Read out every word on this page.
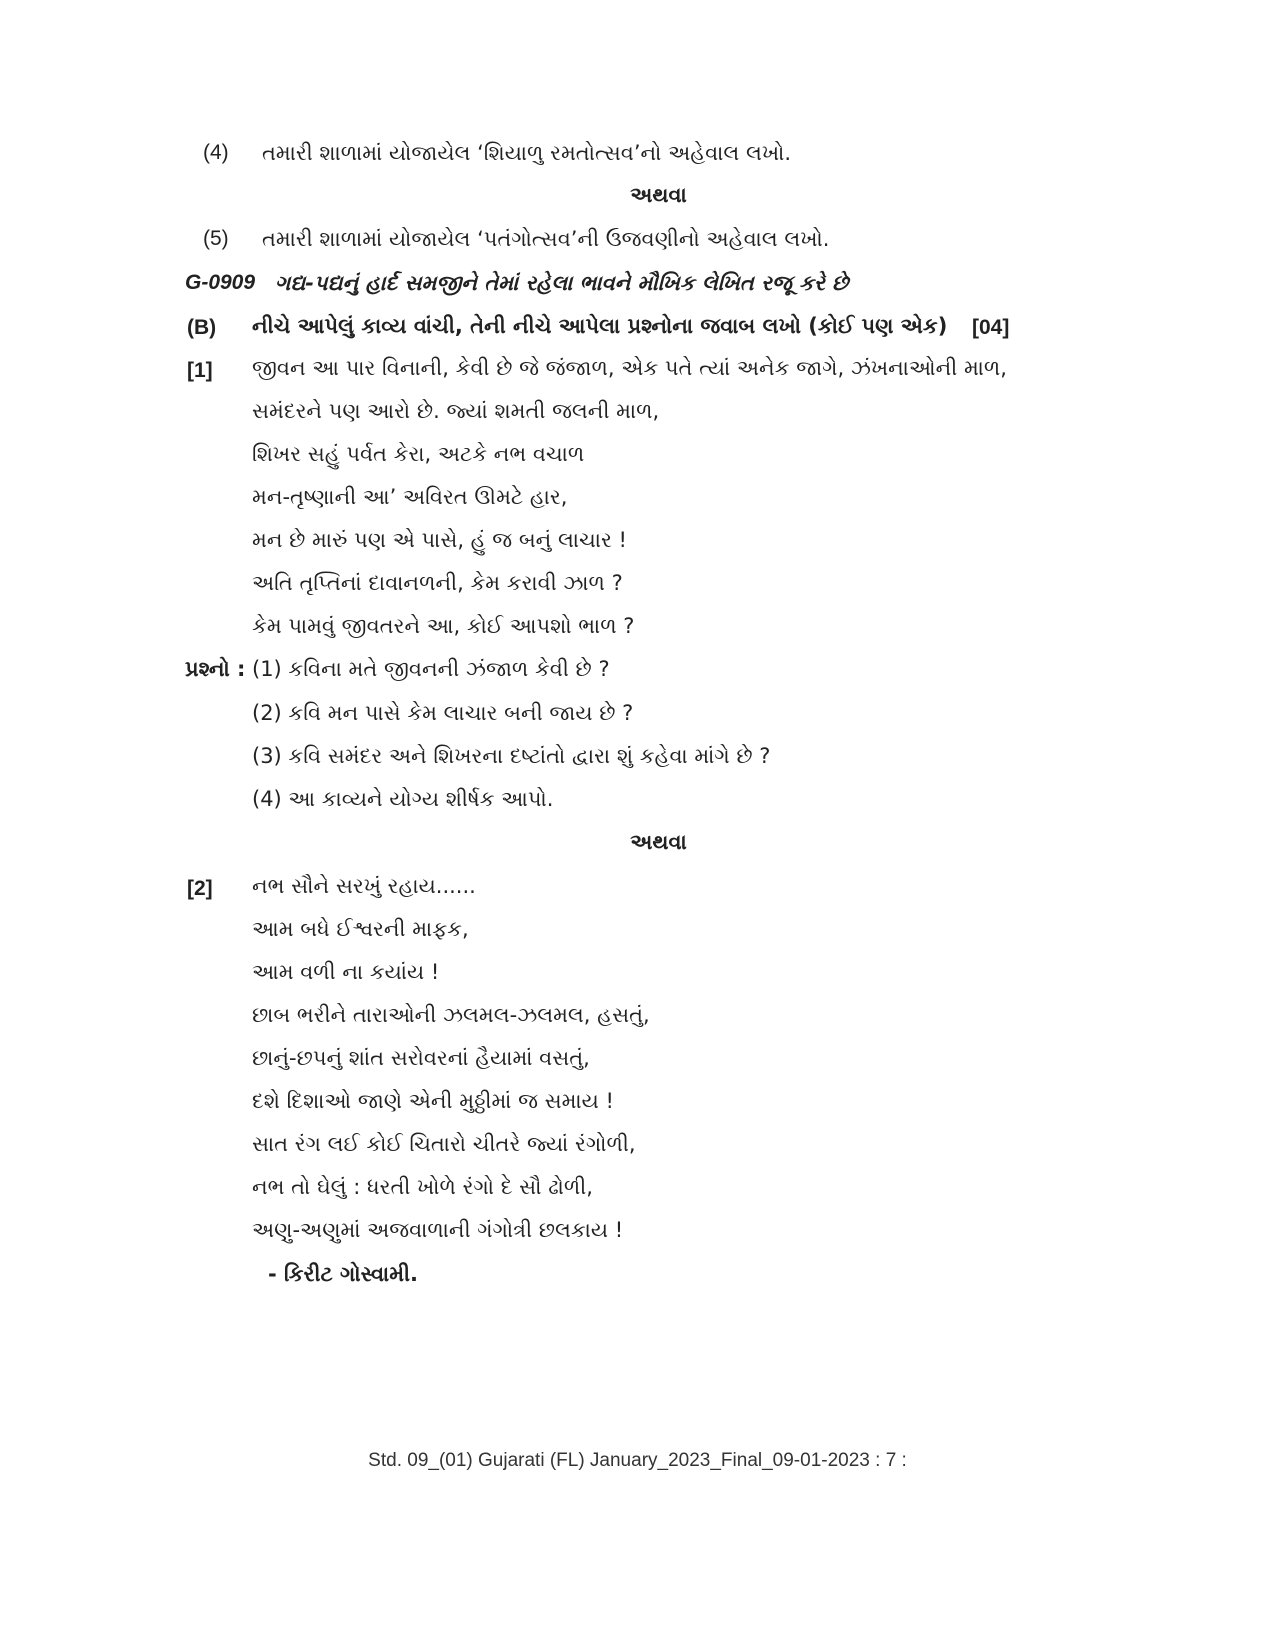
(4) તમારી શાળામાં યોજાયેલ ‘શિયાળુ રમતોત્સવ’નો અહેવાલ લખો.
અથવા
(5) તમારી શાળામાં યોજાયેલ ‘પતંગોત્સવ’ની ઉજવણીનો અહેવાલ લખો.
G-0909 ગદ્ય-પદ્યનું હાર્દ સમજીને તેમાં રહેલા ભાવને મૌખિક લેખિત રજૂ કરે છે
(B) નીચે આપેલું કાવ્ય વાંચી, તેની નીચે આપેલા પ્રશ્નોના જવાબ લખો (કોઈ પણ એક) [04]
[1] જીવન આ પાર વિનાની, કેવી છે જે જંજાળ, એક પતે ત્યાં અનેક જાગે, ઝંખનાઓની માળ,
સમંદરને પણ આરો છે. જ્યાં શમતી જલની માળ,
શિખર સહું પર્વત કેરા, અટકે નભ વચાળ
મન-તૃષ્ણાની આ’ અવિરત ઊમટે હાર,
મન છે મારું પણ એ પાસે, હું જ બનું લાચાર !
અતિ તૃપ્તિનાં દાવાનળની, કેમ કરાવી ઝાળ ?
કેમ પામવું જીવતરને આ, કોઈ આપશો ભાળ ?
પ્રશ્નો : (1) કવિના મતે જીવનની ઝંજાળ કેવી છે ?
(2) કવિ મન પાસે કેમ લાચાર બની જાય છે ?
(3) કવિ સમંદર અને શિખરના દષ્ટાંતો દ્વારા શું કહેવા માંગે છે ?
(4) આ કાવ્યને યોગ્ય શીર્ષક આપો.
અથવા
[2] નભ સૌને સરખું રહાય......
આમ બધે ઈશ્વરની માફક,
આમ વળી ના કયાંય !
છાબ ભરીને તારાઓની ઝલમલ-ઝલમલ, હસતું,
છાનું-છપનું શાંત સરોવરનાં હૈયામાં વસતું,
દશે દિશાઓ જાણે એની મુઠ્ઠીમાં જ સમાય !
સાત રંગ લઈ કોઈ ચિતારો ચીતરે જ્યાં રંગોળી,
નભ તો ઘેલું : ધરતી ખોળે રંગો દે સૌ ઢોળી,
અણુ-અણુમાં અજવાળાની ગંગોત્રી છલકાય !
- કિરીટ ગોસ્વામી.
Std. 09_(01) Gujarati (FL) January_2023_Final_09-01-2023 : 7 :
